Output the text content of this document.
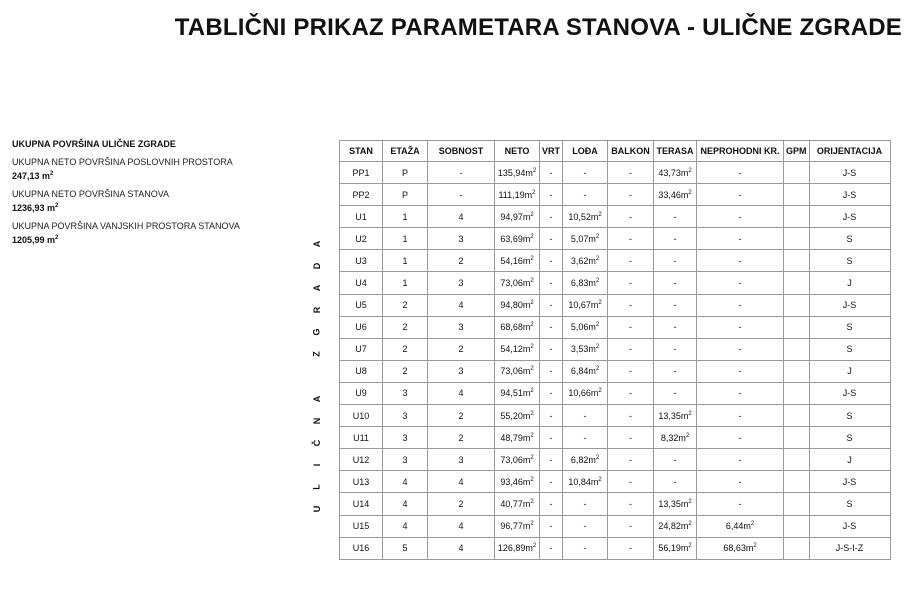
TABLIČNI PRIKAZ PARAMETARA STANOVA - ULIČNE ZGRADE
UKUPNA POVRŠINA ULIČNE ZGRADE
UKUPNA NETO POVRŠINA POSLOVNIH PROSTORA
247,13 $m^2$
UKUPNA NETO POVRŠINA STANOVA
1236,93 $m^2$
UKUPNA POVRŠINA VANJSKIH PROSTORA STANOVA
1205,99 $m^2$
A
D
A
R
G
Z
A
N
Č
I
L
U
STAN	ETAŽA	SOBNOST	NETO	VRT	LOĐA	BALKON	TERASA	NEPROHODNI KR.	GPM	ORIJENTACIJA
PP1	P	-	$135,94m^2$	-	-	-	$43,73m^2$	-		J-S
PP2	P	-	$111,19m^2$	-	-	-	$33,46m^2$	-		J-S
U1	1	4	$94,97m^2$	-	$10,52m^2$	-	-	-		J-S
U2	1	3	$63,69m^2$	-	$5,07m^2$	-	-	-		S
U3	1	2	$54,16m^2$	-	$3,62m^2$	-	-	-		S
U4	1	3	$73,06m^2$	-	$6,83m^2$	-	-	-		J
U5	2	4	$94,80m^2$	-	$10,67m^2$	-	-	-		J-S
U6	2	3	$68,68m^2$	-	$5,06m^2$	-	-	-		S
U7	2	2	$54,12m^2$	-	$3,53m^2$	-	-	-		S
U8	2	3	$73,06m^2$	-	$6,84m^2$	-	-	-		J
U9	3	4	$94,51m^2$	-	$10,66m^2$	-	-	-		J-S
U10	3	2	$55,20m^2$	-	-	-	$13,35m^2$	-		S
U11	3	2	$48,79m^2$	-	-	-	$8,32m^2$	-		S
U12	3	3	$73,06m^2$	-	$6,82m^2$	-	-	-		J
U13	4	4	$93,46m^2$	-	$10,84m^2$	-	-	-		J-S
U14	4	2	$40,77m^2$	-	-	-	$13,35m^2$	-		S
U15	4	4	$96,77m^2$	-	-	-	$24,82m^2$	$6,44m^2$		J-S
U16	5	4	$126,89m^2$	-	-	-	$56,19m^2$	$68,63m^2$		J-S-I-Z
